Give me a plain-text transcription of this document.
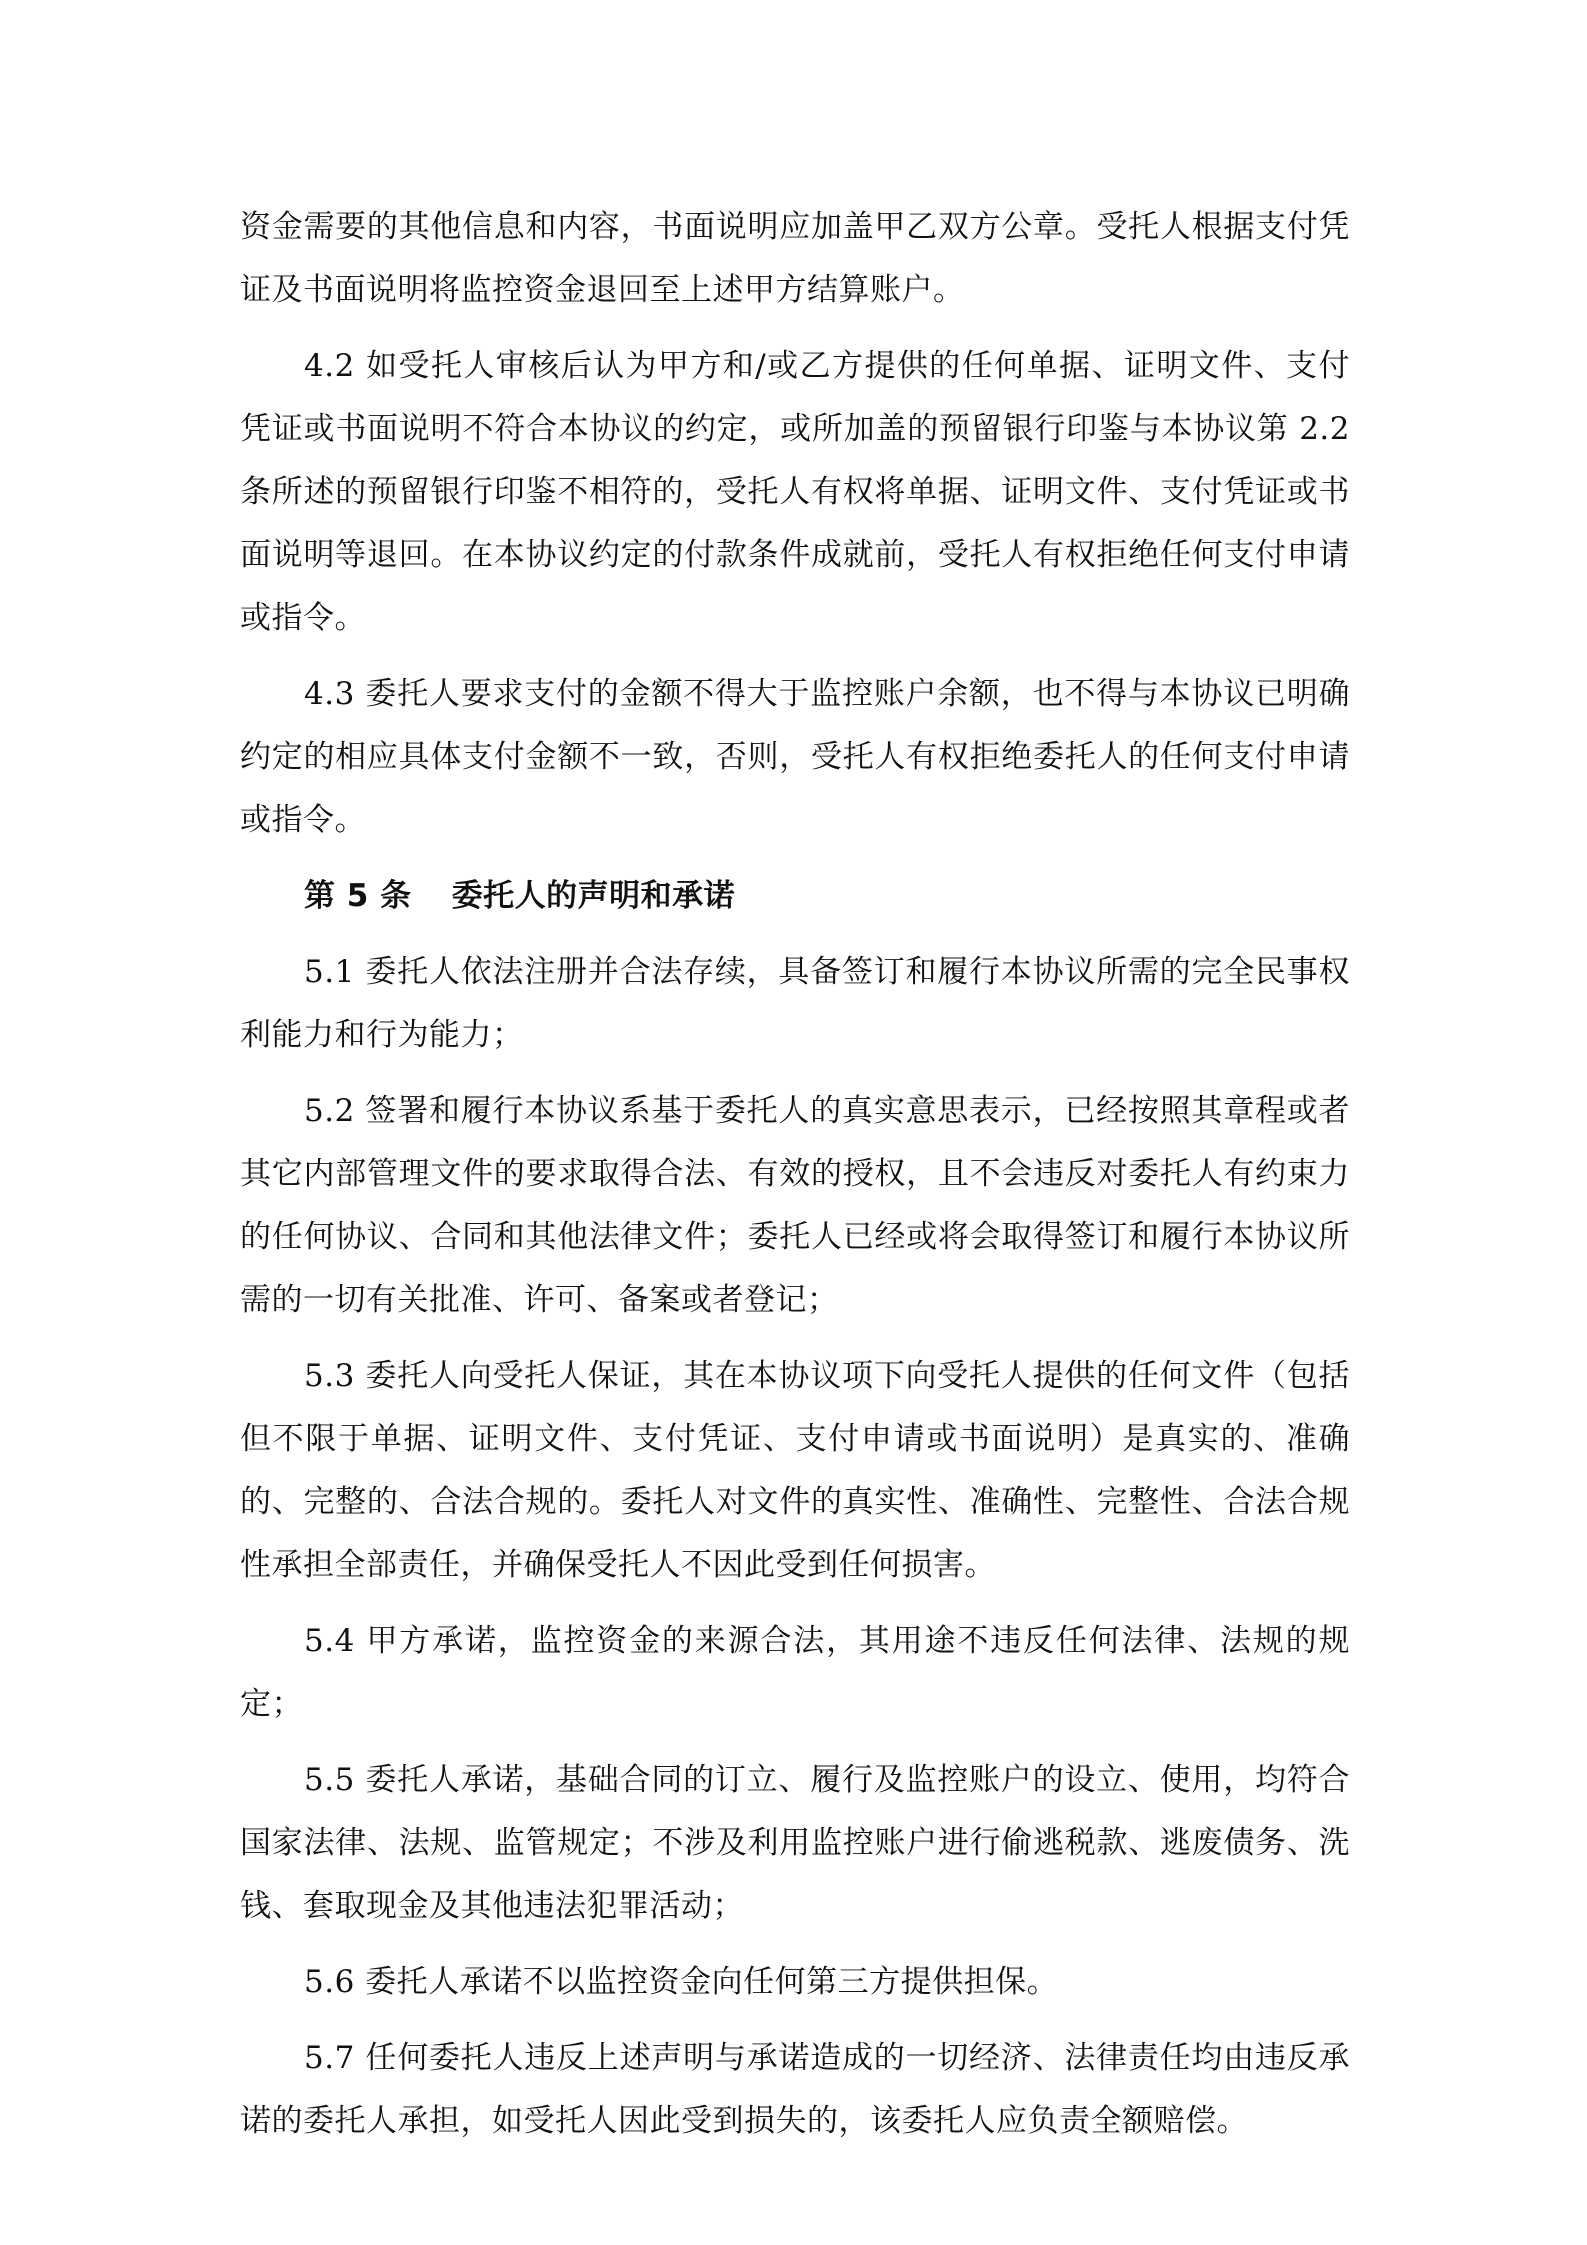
资金需要的其他信息和内容，书面说明应加盖甲乙双方公章。受托人根据支付凭证及书面说明将监控资金退回至上述甲方结算账户。

4.2 如受托人审核后认为甲方和/或乙方提供的任何单据、证明文件、支付凭证或书面说明不符合本协议的约定，或所加盖的预留银行印鉴与本协议第 2.2 条所述的预留银行印鉴不相符的，受托人有权将单据、证明文件、支付凭证或书面说明等退回。在本协议约定的付款条件成就前，受托人有权拒绝任何支付申请或指令。

4.3 委托人要求支付的金额不得大于监控账户余额，也不得与本协议已明确约定的相应具体支付金额不一致，否则，受托人有权拒绝委托人的任何支付申请或指令。

第 5 条 委托人的声明和承诺

5.1 委托人依法注册并合法存续，具备签订和履行本协议所需的完全民事权利能力和行为能力；

5.2 签署和履行本协议系基于委托人的真实意思表示，已经按照其章程或者其它内部管理文件的要求取得合法、有效的授权，且不会违反对委托人有约束力的任何协议、合同和其他法律文件；委托人已经或将会取得签订和履行本协议所需的一切有关批准、许可、备案或者登记；

5.3 委托人向受托人保证，其在本协议项下向受托人提供的任何文件（包括但不限于单据、证明文件、支付凭证、支付申请或书面说明）是真实的、准确的、完整的、合法合规的。委托人对文件的真实性、准确性、完整性、合法合规性承担全部责任，并确保受托人不因此受到任何损害。

5.4 甲方承诺，监控资金的来源合法，其用途不违反任何法律、法规的规定；

5.5 委托人承诺，基础合同的订立、履行及监控账户的设立、使用，均符合国家法律、法规、监管规定；不涉及利用监控账户进行偷逃税款、逃废债务、洗钱、套取现金及其他违法犯罪活动；

5.6 委托人承诺不以监控资金向任何第三方提供担保。

5.7 任何委托人违反上述声明与承诺造成的一切经济、法律责任均由违反承诺的委托人承担，如受托人因此受到损失的，该委托人应负责全额赔偿。
